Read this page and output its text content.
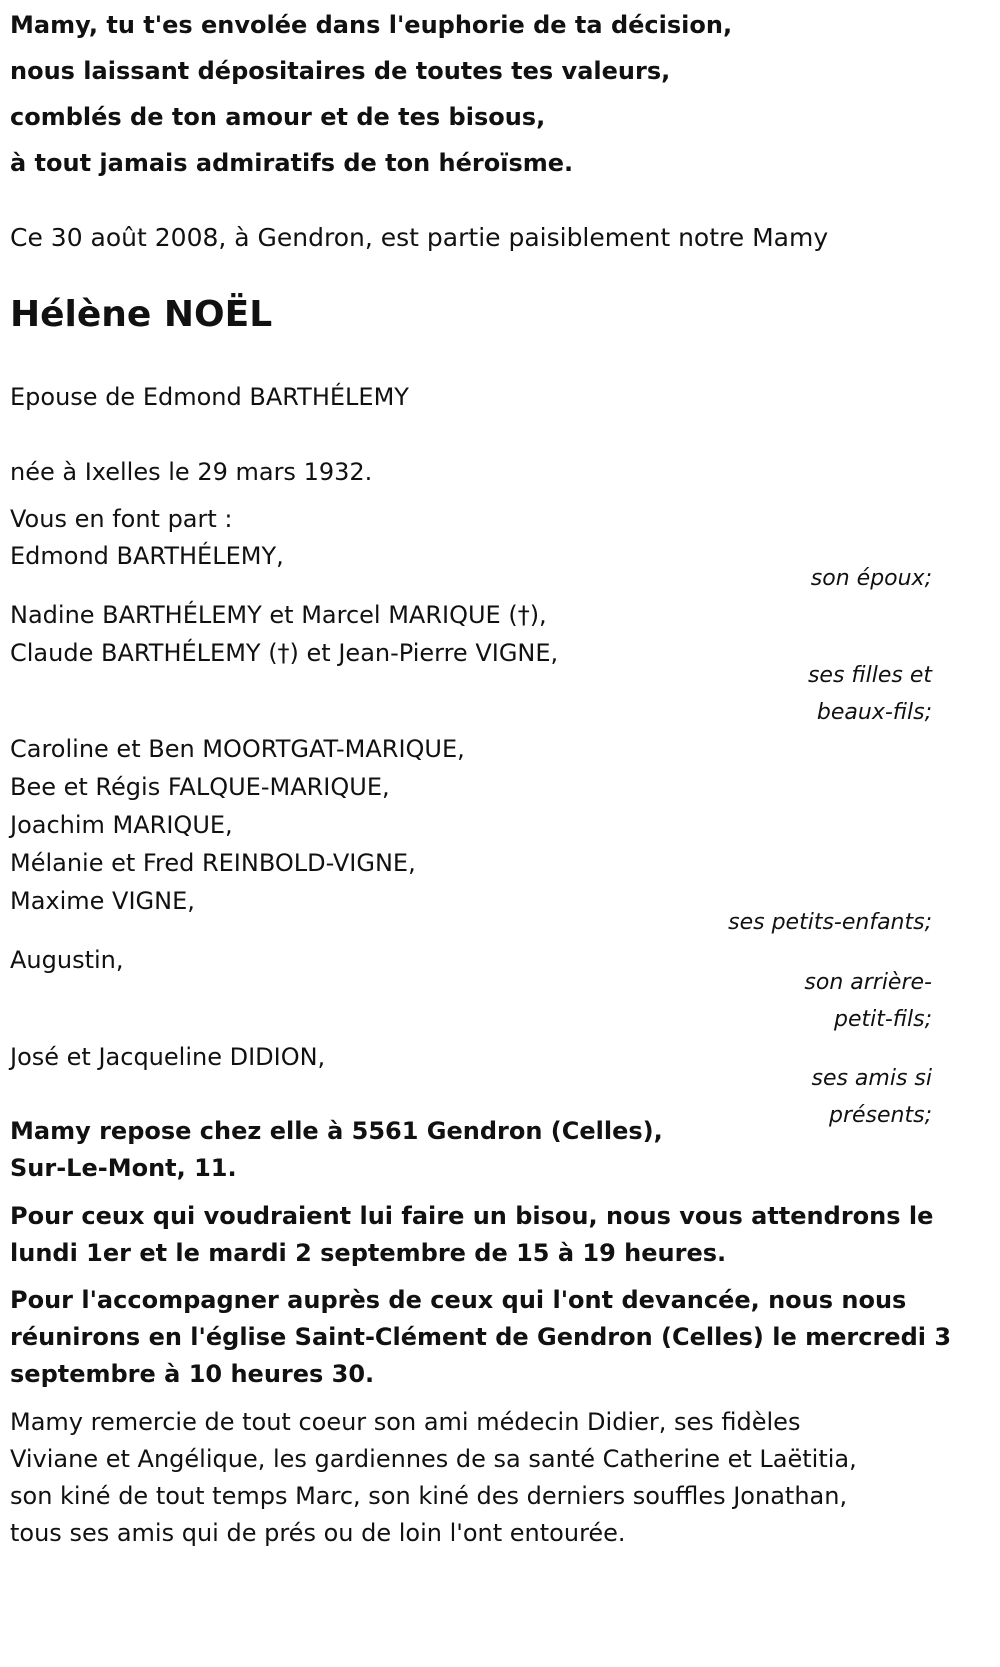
Mamy, tu t'es envolée dans l'euphorie de ta décision,
nous laissant dépositaires de toutes tes valeurs,
comblés de ton amour et de tes bisous,
à tout jamais admiratifs de ton héroïsme.
Ce 30 août 2008, à Gendron, est partie paisiblement notre Mamy
Hélène NOËL
Epouse de Edmond BARTHÉLEMY
née à Ixelles le 29 mars 1932.
Vous en font part :
Edmond BARTHÉLEMY,
son époux;
Nadine BARTHÉLEMY et Marcel MARIQUE (†),
Claude BARTHÉLEMY (†) et Jean-Pierre VIGNE,
ses filles et
beaux-fils;
Caroline et Ben MOORTGAT-MARIQUE,
Bee et Régis FALQUE-MARIQUE,
Joachim MARIQUE,
Mélanie et Fred REINBOLD-VIGNE,
Maxime VIGNE,
ses petits-enfants;
Augustin,
son arrière-
petit-fils;
José et Jacqueline DIDION,
ses amis si
présents;
Mamy repose chez elle à 5561 Gendron (Celles),
Sur-Le-Mont, 11.
Pour ceux qui voudraient lui faire un bisou, nous vous attendrons le
lundi 1er et le mardi 2 septembre de 15 à 19 heures.
Pour l'accompagner auprès de ceux qui l'ont devancée, nous nous
réunirons en l'église Saint-Clément de Gendron (Celles) le mercredi 3
septembre à 10 heures 30.
Mamy remercie de tout coeur son ami médecin Didier, ses fidèles
Viviane et Angélique, les gardiennes de sa santé Catherine et Laëtitia,
son kiné de tout temps Marc, son kiné des derniers souffles Jonathan,
tous ses amis qui de prés ou de loin l'ont entourée.
